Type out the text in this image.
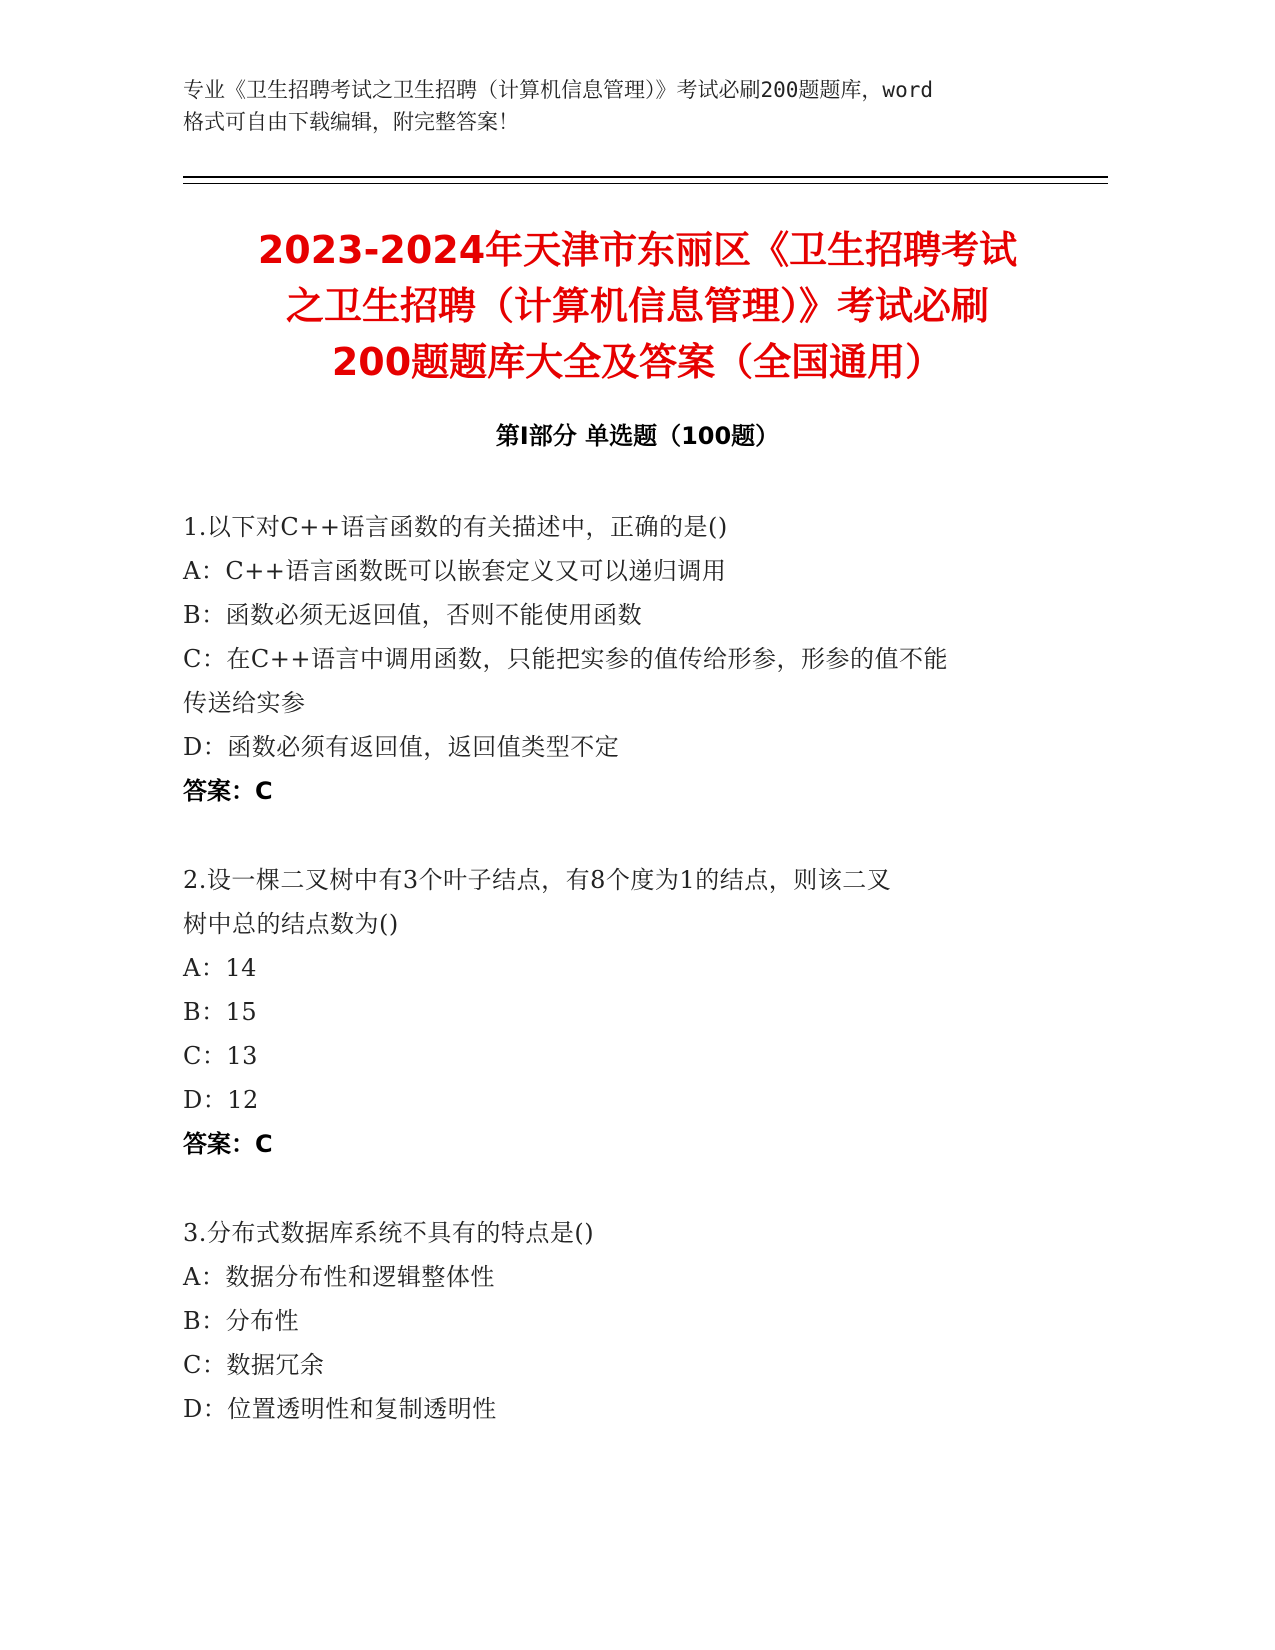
专业《卫生招聘考试之卫生招聘（计算机信息管理）》考试必刷200题题库，word
格式可自由下载编辑，附完整答案！
2023-2024年天津市东丽区《卫生招聘考试
之卫生招聘（计算机信息管理）》考试必刷
200题题库大全及答案（全国通用）
第Ⅰ部分 单选题（100题）
1.以下对C++语言函数的有关描述中，正确的是()
A：C++语言函数既可以嵌套定义又可以递归调用
B：函数必须无返回值，否则不能使用函数
C：在C++语言中调用函数，只能把实参的值传给形参，形参的值不能
传送给实参
D：函数必须有返回值，返回值类型不定
答案：C
2.设一棵二叉树中有3个叶子结点，有8个度为1的结点，则该二叉
树中总的结点数为()
A：14
B：15
C：13
D：12
答案：C
3.分布式数据库系统不具有的特点是()
A：数据分布性和逻辑整体性
B：分布性
C：数据冗余
D：位置透明性和复制透明性
